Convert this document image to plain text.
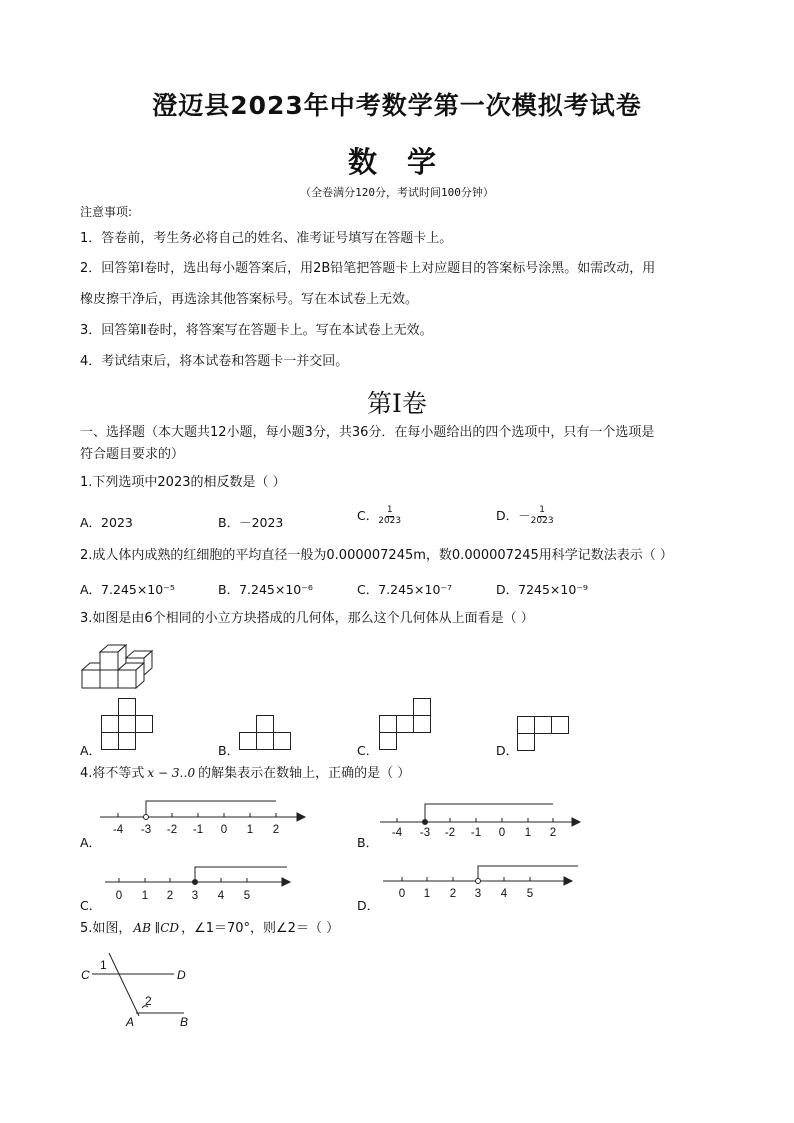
澄迈县2023年中考数学第一次模拟考试卷
数学
（全卷满分120分，考试时间100分钟）
注意事项:
1．答卷前，考生务必将自己的姓名、准考证号填写在答题卡上。
2．回答第Ⅰ卷时，选出每小题答案后，用2B铅笔把答题卡上对应题目的答案标号涂黑。如需改动，用
橡皮擦干净后，再选涂其他答案标号。写在本试卷上无效。
3．回答第Ⅱ卷时，将答案写在答题卡上。写在本试卷上无效。
4．考试结束后，将本试卷和答题卡一并交回。
第Ⅰ卷
一、选择题（本大题共12小题，每小题3分，共36分．在每小题给出的四个选项中，只有一个选项是
符合题目要求的）
1.下列选项中2023的相反数是（ ）
A．2023	B．－2023	C． $\frac{1}{2023}$	D．－ $\frac{1}{2023}$
2.成人体内成熟的红细胞的平均直径一般为0.000007245m，数0.000007245用科学记数法表示（ ）
A．7.245×10⁻⁵	B．7.245×10⁻⁶	C．7.245×10⁻⁷	D．7245×10⁻⁹
3.如图是由6个相同的小立方块搭成的几何体，那么这个几何体从上面看是（ ）
A．	B．	C．	D．
4.将不等式 x − 3‥0 的解集表示在数轴上，正确的是（ ）
A．
-4 -3 -2 -1 0 1 2
B．
-4 -3 -2 -1 0 1 2
C．
0 1 2 3 4 5
D．
0 1 2 3 4 5
5.如图， AB ∥CD ，∠1＝70°，则∠2＝（ ）
C	D
A	B
1
2
